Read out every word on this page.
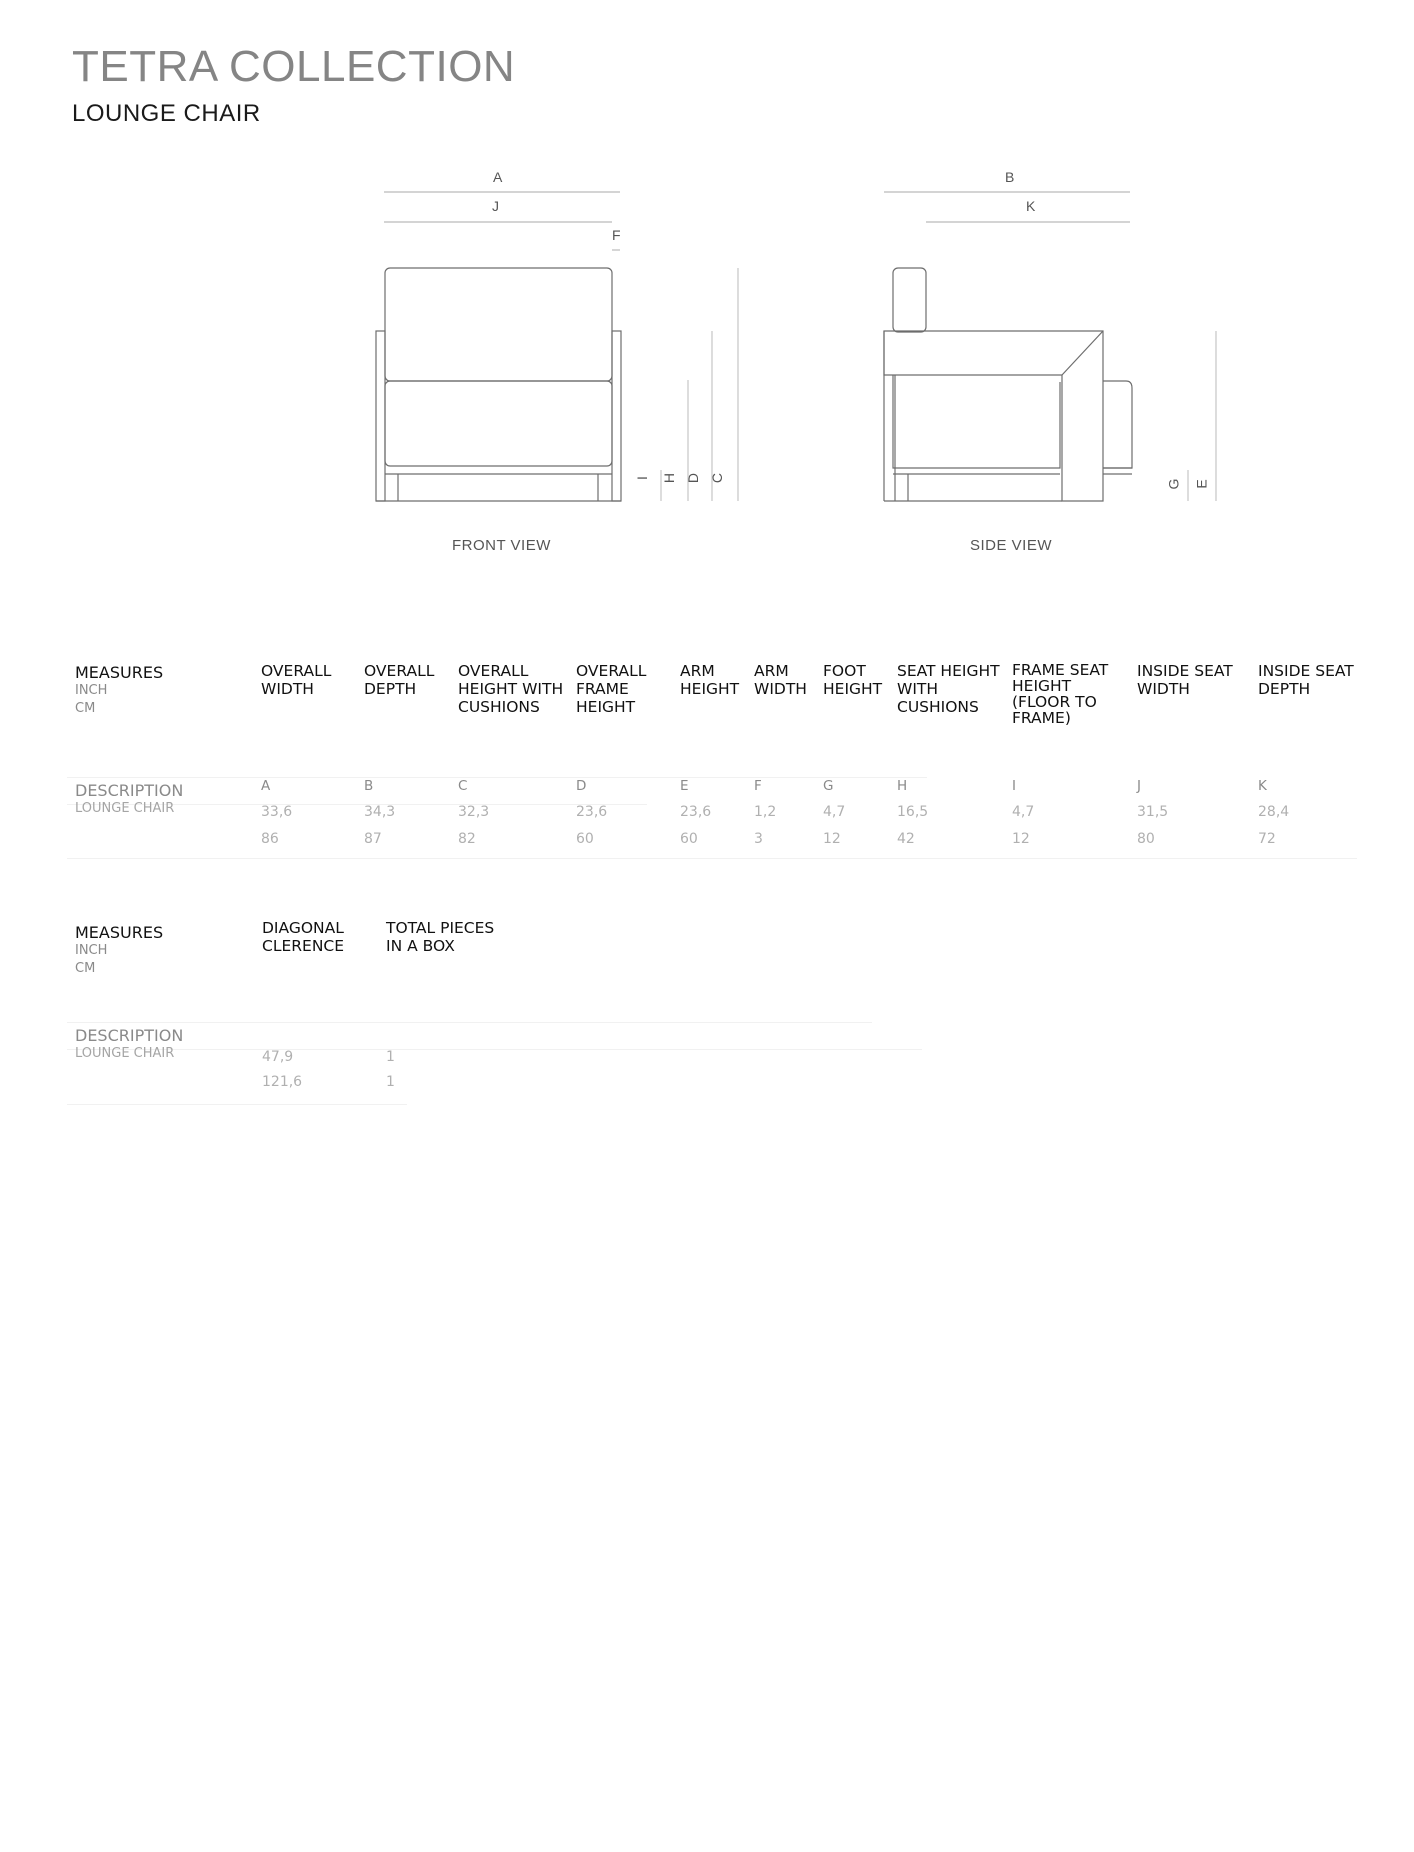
TETRA COLLECTION
LOUNGE CHAIR
A
J
F
I H D C
FRONT VIEW
B
K
G E
SIDE VIEW
MEASURES
INCH
CM
DESCRIPTION
LOUNGE CHAIR
OVERALL
WIDTH
A
33,6
86
OVERALL
DEPTH
B
34,3
87
OVERALL
HEIGHT WITH
CUSHIONS
C
32,3
82
OVERALL
FRAME
HEIGHT
D
23,6
60
ARM
HEIGHT
E
23,6
60
ARM
WIDTH
F
1,2
3
FOOT
HEIGHT
G
4,7
12
SEAT HEIGHT
WITH
CUSHIONS
H
16,5
42
FRAME SEAT
HEIGHT
(FLOOR TO
FRAME)
I
4,7
12
INSIDE SEAT
WIDTH
J
31,5
80
INSIDE SEAT
DEPTH
K
28,4
72
MEASURES
INCH
CM
DESCRIPTION
LOUNGE CHAIR
DIAGONAL
CLERENCE
47,9
121,6
TOTAL PIECES
IN A BOX
1
1
